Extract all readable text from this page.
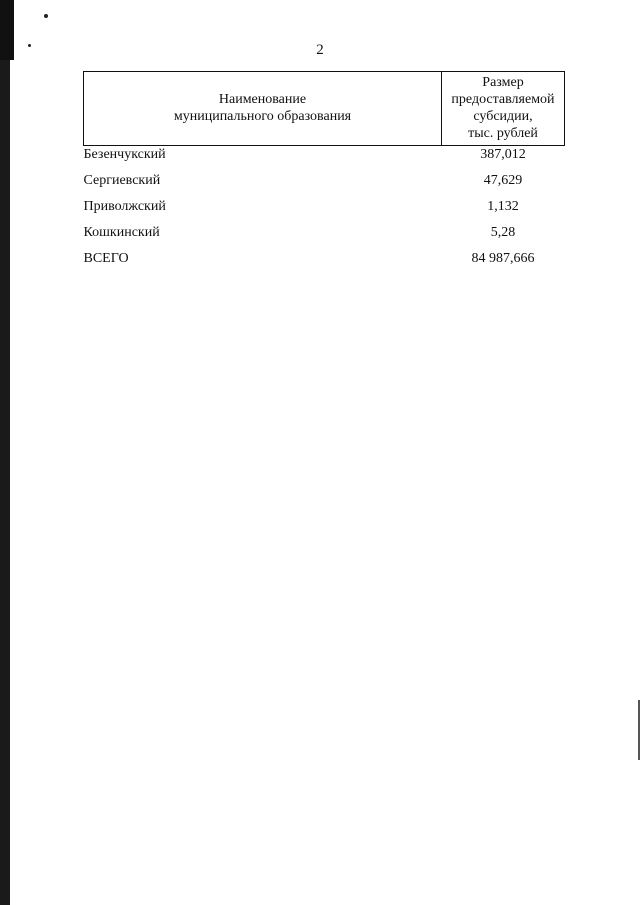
2
Наименование
муниципального образования	Размер
предоставляемой
субсидии,
тыс. рублей

Безенчукский	387,012
Сергиевский	47,629
Приволжский	1,132
Кошкинский	5,28
ВСЕГО	84 987,666
